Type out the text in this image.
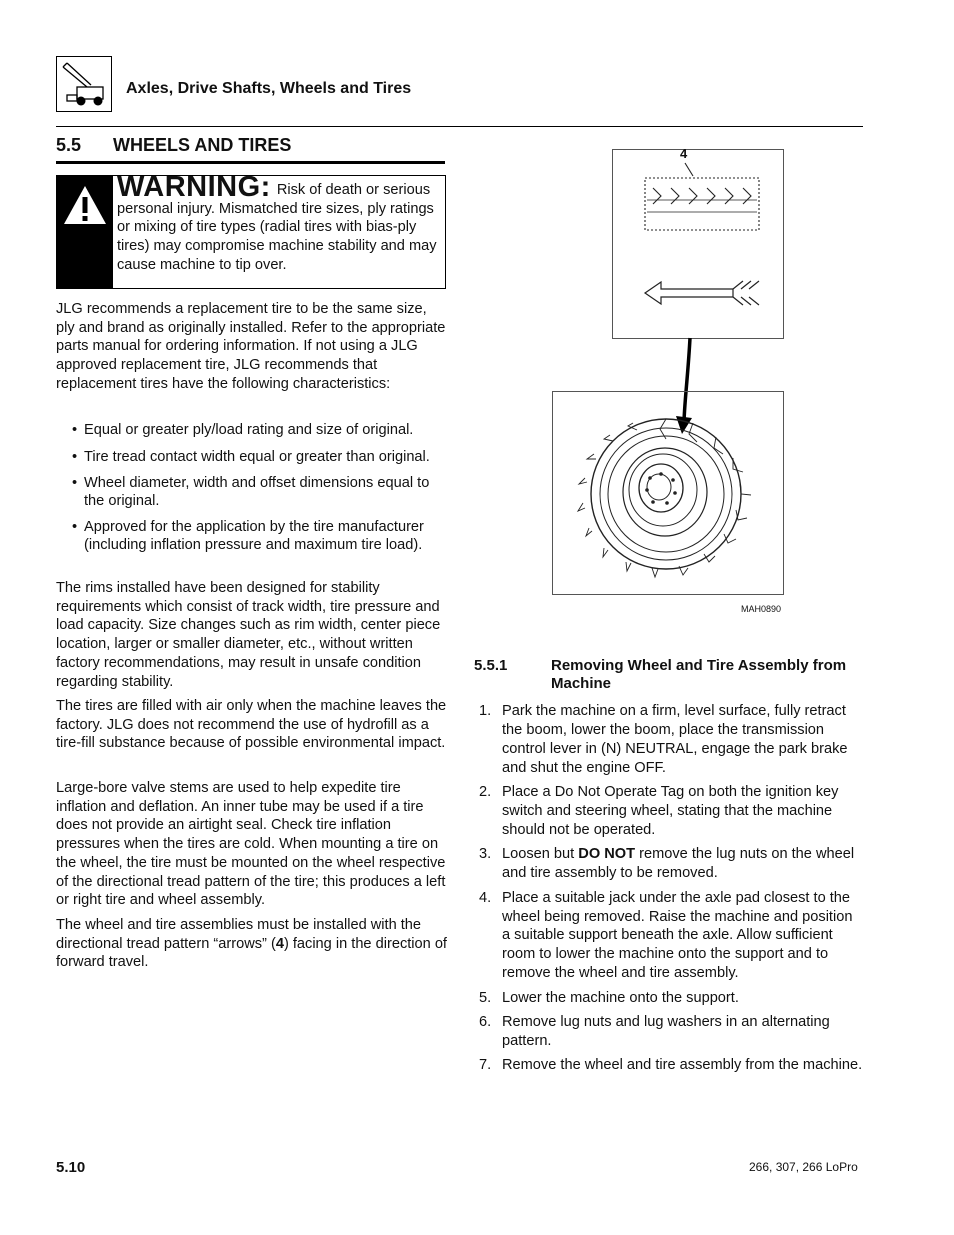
Axles, Drive Shafts, Wheels and Tires
5.5 WHEELS AND TIRES
WARNING: Risk of death or serious personal injury. Mismatched tire sizes, ply ratings or mixing of tire types (radial tires with bias-ply tires) may compromise machine stability and may cause machine to tip over.
JLG recommends a replacement tire to be the same size, ply and brand as originally installed. Refer to the appropriate parts manual for ordering information. If not using a JLG approved replacement tire, JLG recommends that replacement tires have the following characteristics:
• Equal or greater ply/load rating and size of original.
• Tire tread contact width equal or greater than original.
• Wheel diameter, width and offset dimensions equal to the original.
• Approved for the application by the tire manufacturer (including inflation pressure and maximum tire load).
The rims installed have been designed for stability requirements which consist of track width, tire pressure and load capacity. Size changes such as rim width, center piece location, larger or smaller diameter, etc., without written factory recommendations, may result in unsafe condition regarding stability.
The tires are filled with air only when the machine leaves the factory. JLG does not recommend the use of hydrofill as a tire-fill substance because of possible environmental impact.
Large-bore valve stems are used to help expedite tire inflation and deflation. An inner tube may be used if a tire does not provide an airtight seal. Check tire inflation pressures when the tires are cold. When mounting a tire on the wheel, the tire must be mounted on the wheel respective of the directional tread pattern of the tire; this produces a left or right tire and wheel assembly.
The wheel and tire assemblies must be installed with the directional tread pattern “arrows” (4) facing in the direction of forward travel.
4
MAH0890
5.5.1	Removing Wheel and Tire Assembly from Machine
1. Park the machine on a firm, level surface, fully retract the boom, lower the boom, place the transmission control lever in (N) NEUTRAL, engage the park brake and shut the engine OFF.
2. Place a Do Not Operate Tag on both the ignition key switch and steering wheel, stating that the machine should not be operated.
3. Loosen but DO NOT remove the lug nuts on the wheel and tire assembly to be removed.
4. Place a suitable jack under the axle pad closest to the wheel being removed. Raise the machine and position a suitable support beneath the axle. Allow sufficient room to lower the machine onto the support and to remove the wheel and tire assembly.
5. Lower the machine onto the support.
6. Remove lug nuts and lug washers in an alternating pattern.
7. Remove the wheel and tire assembly from the machine.
5.10	266, 307, 266 LoPro
